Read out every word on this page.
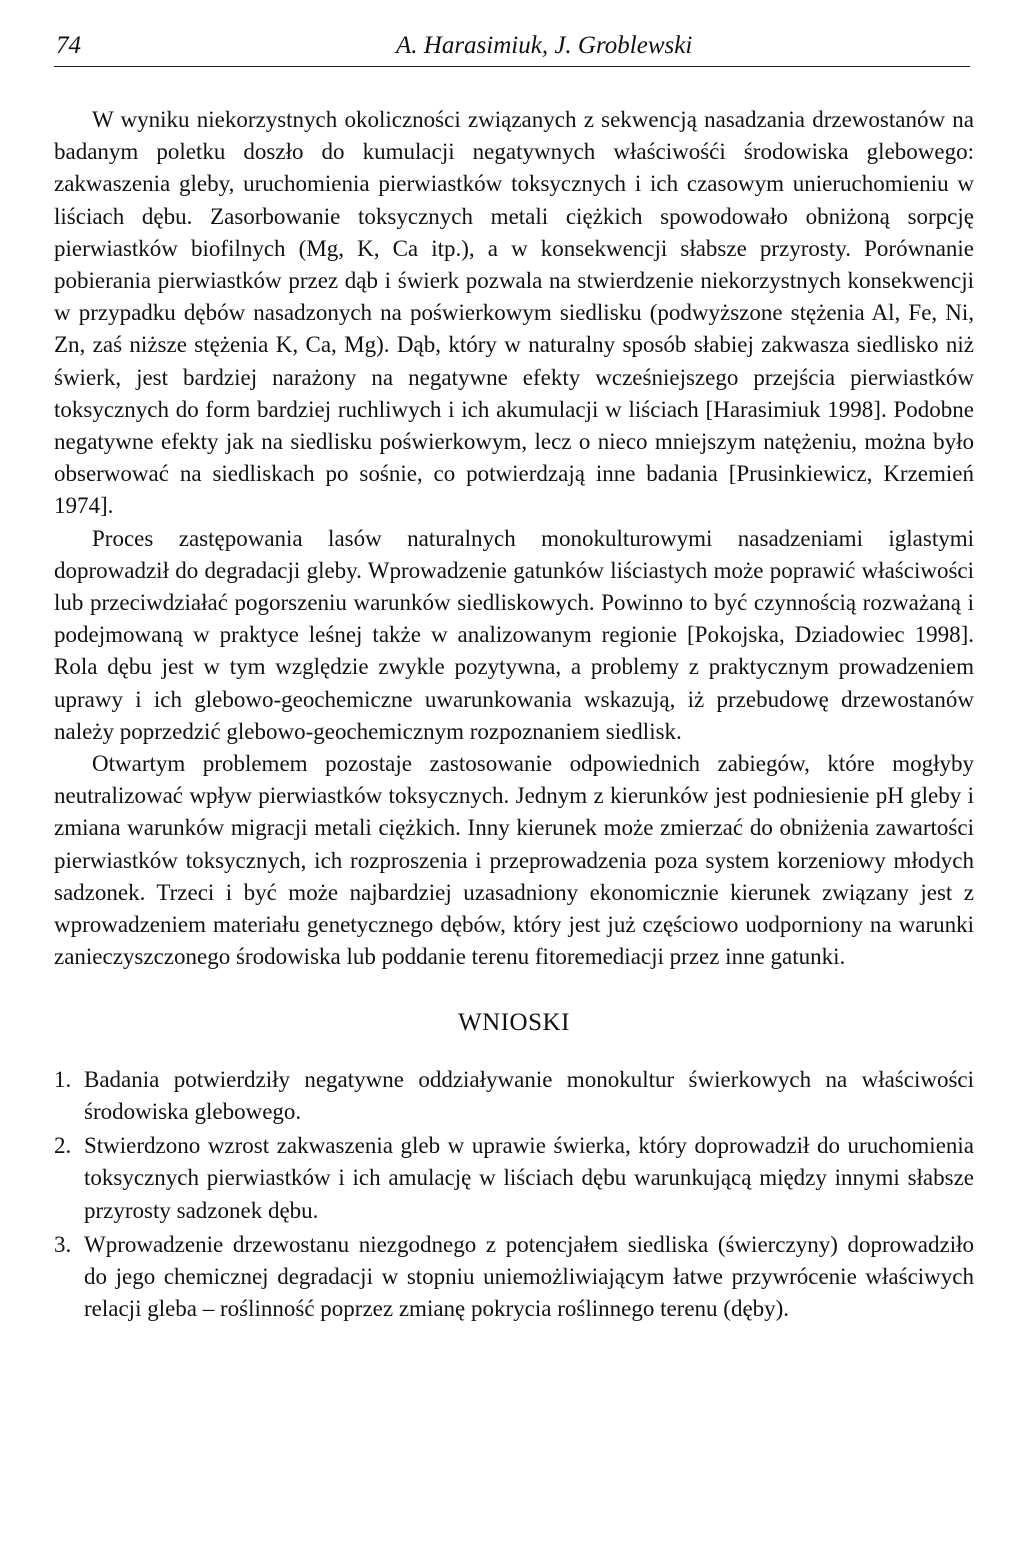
74	A. Harasimiuk, J. Groblewski

W wyniku niekorzystnych okoliczności związanych z sekwencją nasadzania drzewostanów na badanym poletku doszło do kumulacji negatywnych właściwośći środowiska glebowego: zakwaszenia gleby, uruchomienia pierwiastków toksycznych i ich czasowym unieruchomieniu w liściach dębu. Zasorbowanie toksycznych metali ciężkich spowodowało obniżoną sorpcję pierwiastków biofilnych (Mg, K, Ca itp.), a w konsekwencji słabsze przyrosty. Porównanie pobierania pierwiastków przez dąb i świerk pozwala na stwierdzenie niekorzystnych konsekwencji w przypadku dębów nasadzonych na poświerkowym siedlisku (podwyższone stężenia Al, Fe, Ni, Zn, zaś niższe stężenia K, Ca, Mg). Dąb, który w naturalny sposób słabiej zakwasza siedlisko niż świerk, jest bardziej narażony na negatywne efekty wcześniejszego przejścia pierwiastków toksycznych do form bardziej ruchliwych i ich akumulacji w liściach [Harasimiuk 1998]. Podobne negatywne efekty jak na siedlisku poświerkowym, lecz o nieco mniejszym natężeniu, można było obserwować na siedliskach po sośnie, co potwierdzają inne badania [Prusinkiewicz, Krzemień 1974].

Proces zastępowania lasów naturalnych monokulturowymi nasadzeniami iglastymi doprowadził do degradacji gleby. Wprowadzenie gatunków liściastych może poprawić właściwości lub przeciwdziałać pogorszeniu warunków siedliskowych. Powinno to być czynnością rozważaną i podejmowaną w praktyce leśnej także w analizowanym regionie [Pokojska, Dziadowiec 1998]. Rola dębu jest w tym względzie zwykle pozytywna, a problemy z praktycznym prowadzeniem uprawy i ich glebowo-geochemiczne uwarunkowania wskazują, iż przebudowę drzewostanów należy poprzedzić glebowo-geochemicznym rozpoznaniem siedlisk.

Otwartym problemem pozostaje zastosowanie odpowiednich zabiegów, które mogłyby neutralizować wpływ pierwiastków toksycznych. Jednym z kierunków jest podniesienie pH gleby i zmiana warunków migracji metali ciężkich. Inny kierunek może zmierzać do obniżenia zawartości pierwiastków toksycznych, ich rozproszenia i przeprowadzenia poza system korzeniowy młodych sadzonek. Trzeci i być może najbardziej uzasadniony ekonomicznie kierunek związany jest z wprowadzeniem materiału genetycznego dębów, który jest już częściowo uodporniony na warunki zanieczyszczonego środowiska lub poddanie terenu fitoremediacji przez inne gatunki.

WNIOSKI
1. Badania potwierdziły negatywne oddziaływanie monokultur świerkowych na właściwości środowiska glebowego.
2. Stwierdzono wzrost zakwaszenia gleb w uprawie świerka, który doprowadził do uruchomienia toksycznych pierwiastków i ich amulację w liściach dębu warunkującą między innymi słabsze przyrosty sadzonek dębu.
3. Wprowadzenie drzewostanu niezgodnego z potencjałem siedliska (świerczyny) doprowadziło do jego chemicznej degradacji w stopniu uniemożliwiającym łatwe przywrócenie właściwych relacji gleba – roślinność poprzez zmianę pokrycia roślinnego terenu (dęby).
